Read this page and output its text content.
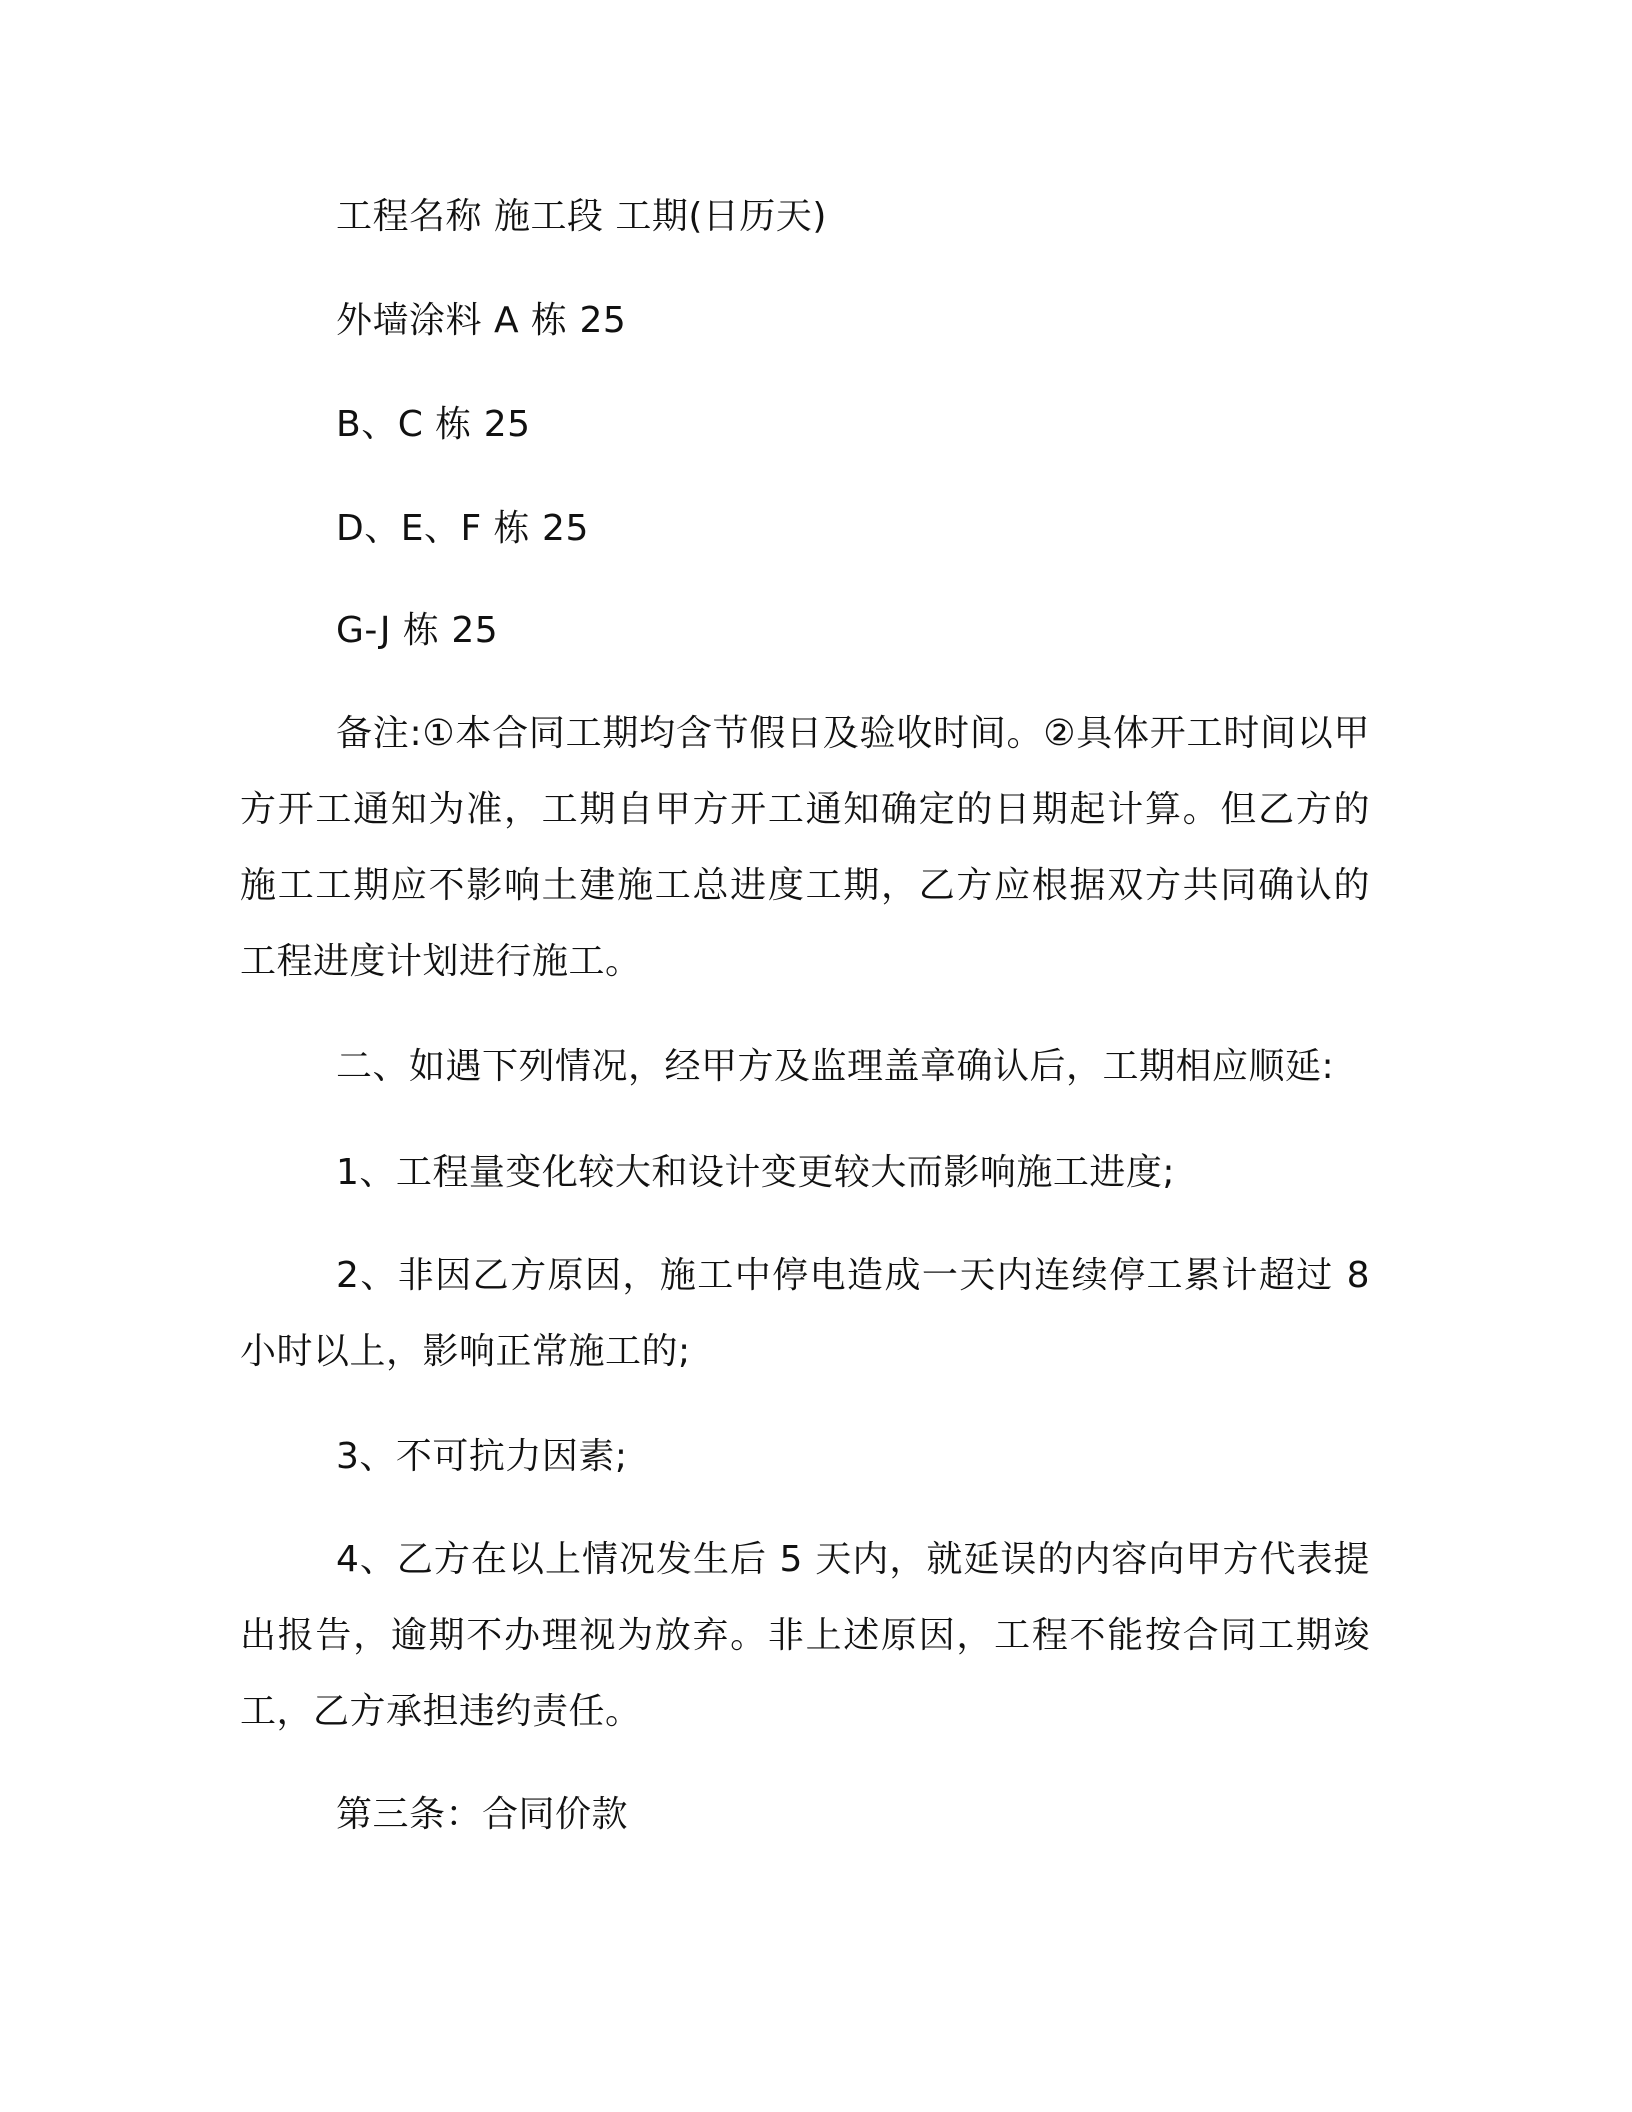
工程名称 施工段 工期(日历天)
外墙涂料 A 栋 25
B、C 栋 25
D、E、F 栋 25
G-J 栋 25
备注:①本合同工期均含节假日及验收时间。②具体开工时间以甲方开工通知为准，工期自甲方开工通知确定的日期起计算。但乙方的施工工期应不影响土建施工总进度工期，乙方应根据双方共同确认的工程进度计划进行施工。
二、如遇下列情况，经甲方及监理盖章确认后，工期相应顺延:
1、工程量变化较大和设计变更较大而影响施工进度;
2、非因乙方原因，施工中停电造成一天内连续停工累计超过 8 小时以上，影响正常施工的;
3、不可抗力因素;
4、乙方在以上情况发生后 5 天内，就延误的内容向甲方代表提出报告，逾期不办理视为放弃。非上述原因，工程不能按合同工期竣工，乙方承担违约责任。
第三条：合同价款
